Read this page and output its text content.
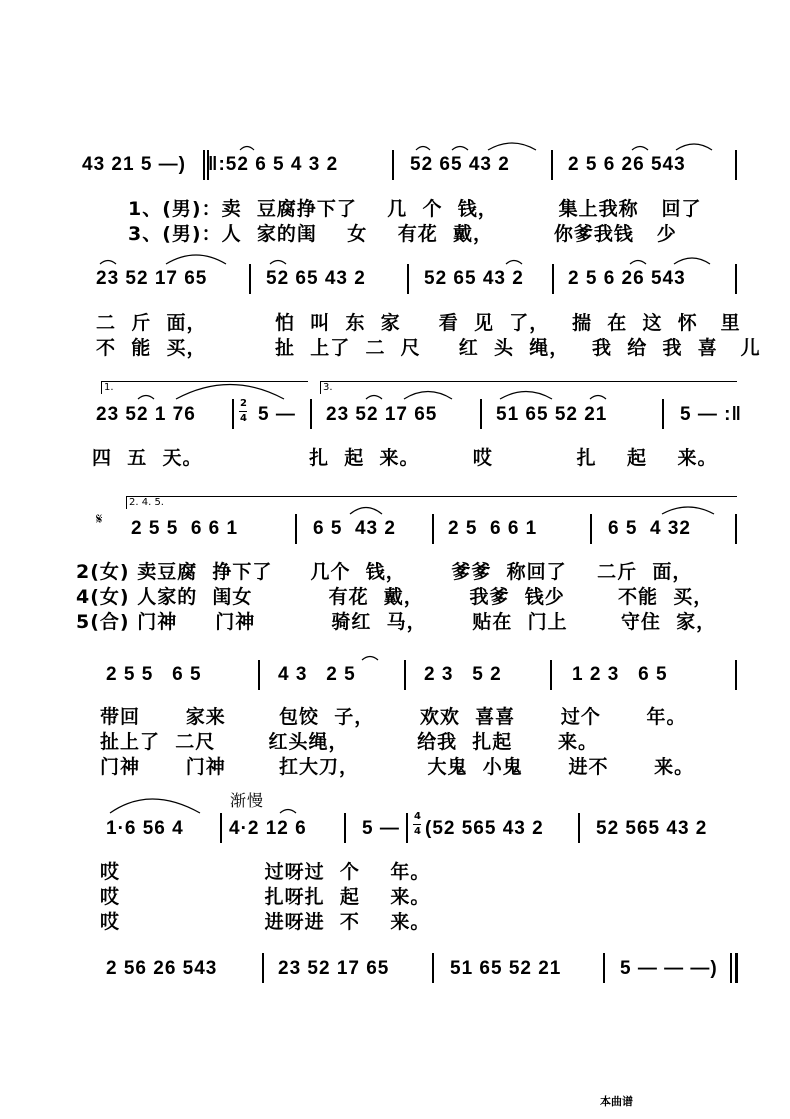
43 21 5 —) ‖:52 6 5 4 3 2	52 65 43 2	2 5 6 26 543
1、(男)：卖  豆腐挣下了    几  个  钱，        集上我称   回了
3、(男)：人  家的闺    女    有花  戴，        你爹我钱   少
23 52 17 65	52 65 43 2	52 65 43 2 2 5 6 26 543
二  斤  面，         怕  叫  东  家     看  见  了，   揣  在  这  怀   里
不  能  买，         扯  上了  二  尺     红  头  绳，   我  给  我  喜   儿
1.	3.
23 52 1 76
2
4 5 — 23 52 17 65	51 65 52 21	5 — :‖
四  五  天。              扎  起  来。       哎           扎    起    来。
2. 4. 5.
𝄋 2 5 5  6 6 1	6 5  43 2	2 5  6 6 1	6 5  4 32
2(女) 卖豆腐  挣下了     几个  钱，      爹爹  称回了    二斤  面，
4(女) 人家的  闺女          有花  戴，      我爹  钱少       不能  买，
5(合) 门神     门神          骑红  马，      贴在  门上       守住  家，
2 5 5   6 5	4 3   2 5	2 3   5 2	1 2 3   6 5
带回      家来       包饺  子，      欢欢  喜喜      过个      年。
扯上了  二尺       红头绳，         给我  扎起      来。
门神      门神       扛大刀，         大鬼  小鬼      进不      来。
渐慢
1·6 56 4 4·2 12 6	5 —
4
4 (52 565 43 2	52 565 43 2
哎                   过呀过  个    年。
哎                   扎呀扎  起    来。
哎                   进呀进  不    来。
2 56 26 543	23 52 17 65	51 65 52 21	5 — — —)
本曲谱
